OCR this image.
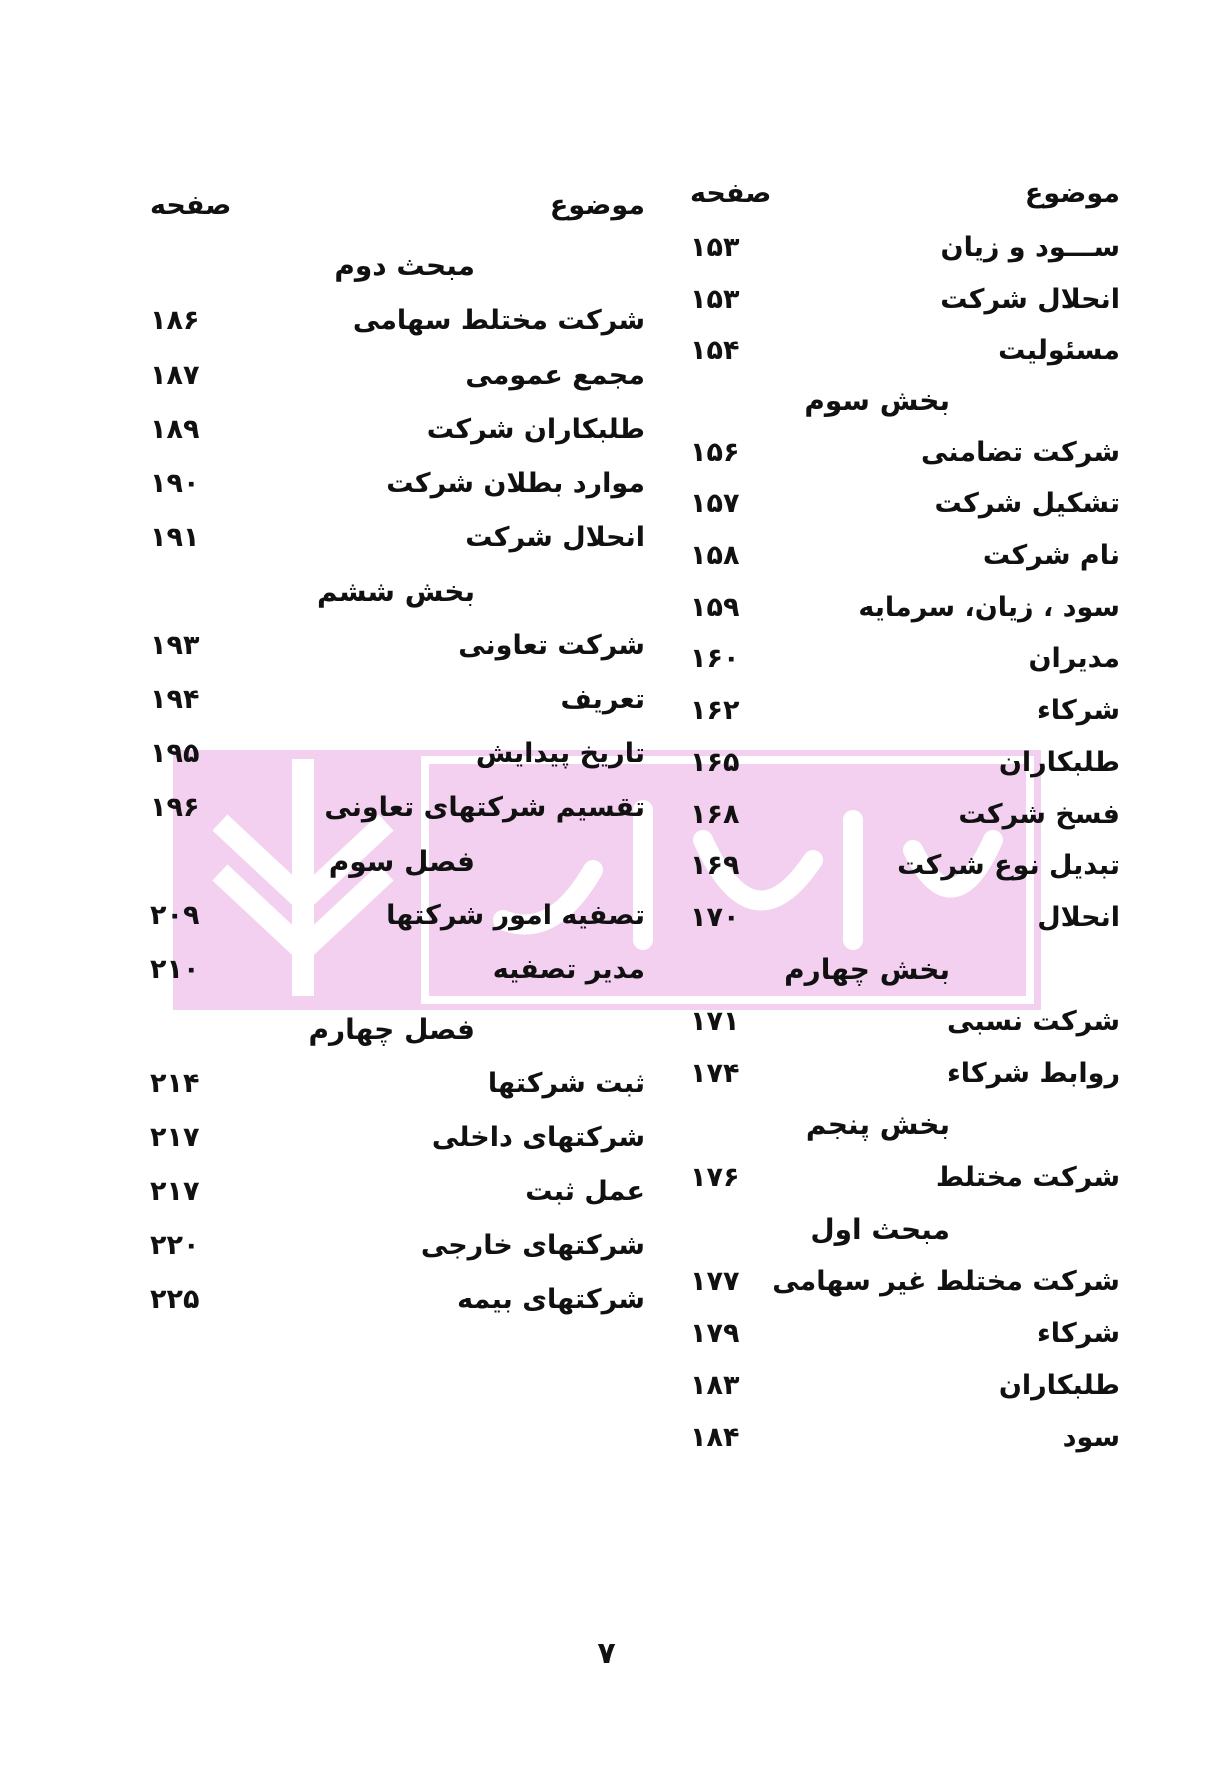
موضوع
صفحه
ســـود و زیان
۱۵۳
انحلال شرکت
۱۵۳
مسئولیت
۱۵۴
بخش سوم
شرکت تضامنی
۱۵۶
تشکیل شرکت
۱۵۷
نام شرکت
۱۵۸
سود ، زیان، سرمایه
۱۵۹
مدیران
۱۶۰
شرکاء
۱۶۲
طلبکاران
۱۶۵
فسخ شرکت
۱۶۸
تبدیل نوع شرکت
۱۶۹
انحلال
۱۷۰
بخش چهارم
شرکت نسبی
۱۷۱
روابط شرکاء
۱۷۴
بخش پنجم
شرکت مختلط
۱۷۶
مبحث اول
شرکت مختلط غیر سهامی
۱۷۷
شرکاء
۱۷۹
طلبکاران
۱۸۳
سود
۱۸۴
موضوع
صفحه
مبحث دوم
شرکت مختلط سهامی
۱۸۶
مجمع عمومی
۱۸۷
طلبکاران شرکت
۱۸۹
موارد بطلان شرکت
۱۹۰
انحلال شرکت
۱۹۱
بخش ششم
شرکت تعاونی
۱۹۳
تعریف
۱۹۴
تاریخ پیدایش
۱۹۵
تقسیم شرکتهای تعاونی
۱۹۶
فصل سوم
تصفیه امور شرکتها
۲۰۹
مدیر تصفیه
۲۱۰
فصل چهارم
ثبت شرکتها
۲۱۴
شرکتهای داخلی
۲۱۷
عمل ثبت
۲۱۷
شرکتهای خارجی
۲۲۰
شرکتهای بیمه
۲۲۵
۷
